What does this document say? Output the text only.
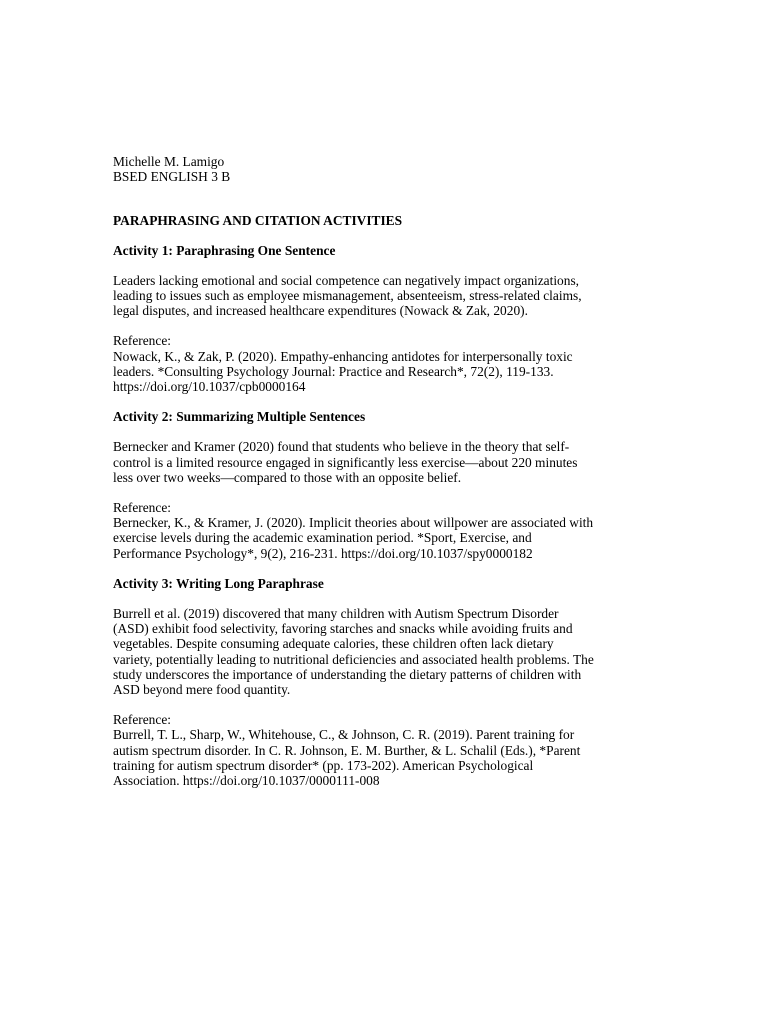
Michelle M. Lamigo
BSED ENGLISH 3 B
PARAPHRASING AND CITATION ACTIVITIES
Activity 1: Paraphrasing One Sentence

Leaders lacking emotional and social competence can negatively impact organizations,
leading to issues such as employee mismanagement, absenteeism, stress-related claims,
legal disputes, and increased healthcare expenditures (Nowack & Zak, 2020).

Reference:
Nowack, K., & Zak, P. (2020). Empathy-enhancing antidotes for interpersonally toxic
leaders. *Consulting Psychology Journal: Practice and Research*, 72(2), 119-133.
https://doi.org/10.1037/cpb0000164

Activity 2: Summarizing Multiple Sentences

Bernecker and Kramer (2020) found that students who believe in the theory that self-
control is a limited resource engaged in significantly less exercise—about 220 minutes
less over two weeks—compared to those with an opposite belief.

Reference:
Bernecker, K., & Kramer, J. (2020). Implicit theories about willpower are associated with
exercise levels during the academic examination period. *Sport, Exercise, and
Performance Psychology*, 9(2), 216-231. https://doi.org/10.1037/spy0000182

Activity 3: Writing Long Paraphrase

Burrell et al. (2019) discovered that many children with Autism Spectrum Disorder
(ASD) exhibit food selectivity, favoring starches and snacks while avoiding fruits and
vegetables. Despite consuming adequate calories, these children often lack dietary
variety, potentially leading to nutritional deficiencies and associated health problems. The
study underscores the importance of understanding the dietary patterns of children with
ASD beyond mere food quantity.

Reference:
Burrell, T. L., Sharp, W., Whitehouse, C., & Johnson, C. R. (2019). Parent training for
autism spectrum disorder. In C. R. Johnson, E. M. Burther, & L. Schalil (Eds.), *Parent
training for autism spectrum disorder* (pp. 173-202). American Psychological
Association. https://doi.org/10.1037/0000111-008
